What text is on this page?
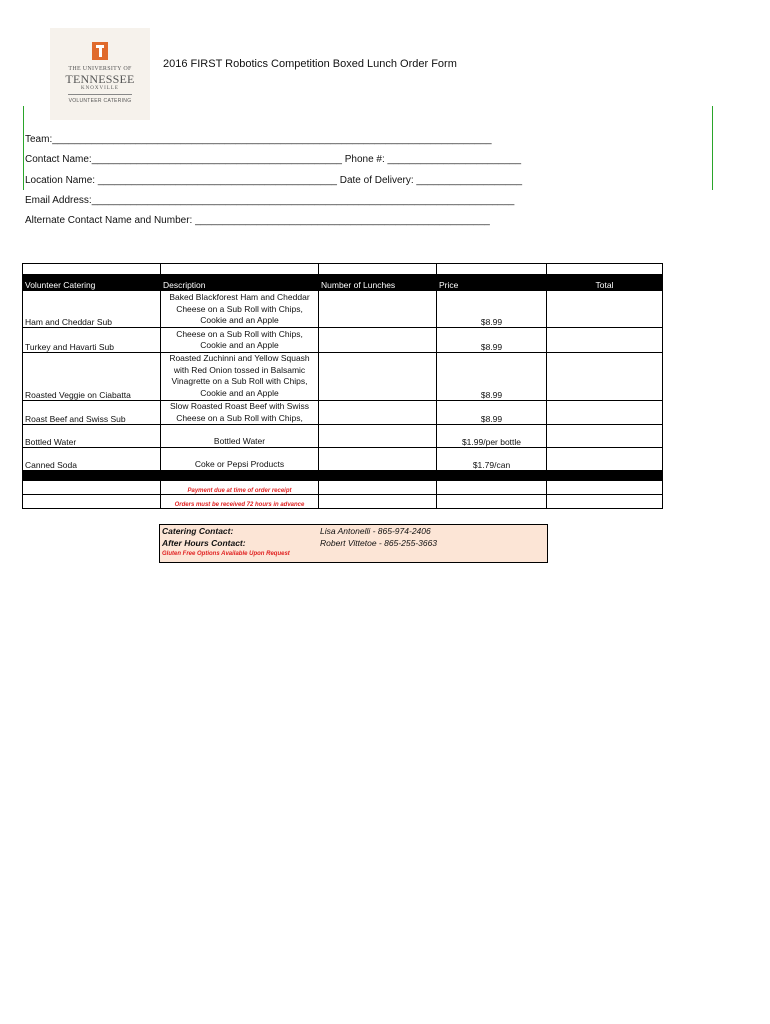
THE UNIVERSITY OF
TENNESSEE
KNOXVILLE
VOLUNTEER CATERING
2016 FIRST Robotics Competition Boxed Lunch Order Form
Team:_______________________________________________________________________________
Contact Name:_____________________________________________ Phone #: ________________________
Location Name: ___________________________________________ Date of Delivery: ___________________
Email Address:____________________________________________________________________________
Alternate Contact Name and Number: _____________________________________________________

Volunteer Catering	Description	Number of Lunches	Price	Total
Ham and Cheddar Sub	Baked Blackforest Ham and Cheddar Cheese on a Sub Roll with Chips, Cookie and an Apple		$8.99	
Turkey and Havarti Sub	Cheese on a Sub Roll with Chips, Cookie and an Apple		$8.99	
Roasted Veggie on Ciabatta	Roasted Zuchinni and Yellow Squash with Red Onion tossed in Balsamic Vinagrette on a Sub Roll with Chips, Cookie and an Apple		$8.99	
Roast Beef and Swiss Sub	Slow Roasted Roast Beef with Swiss Cheese on a Sub Roll with Chips,		$8.99	
Bottled Water	Bottled Water		$1.99/per bottle	
Canned Soda	Coke or Pepsi Products		$1.79/can	

	Payment due at time of order receipt			
	Orders must be received 72 hours in advance			
Catering Contact:	Lisa Antonelli - 865-974-2406
After Hours Contact:	Robert Vittetoe - 865-255-3663
Gluten Free Options Available Upon Request
